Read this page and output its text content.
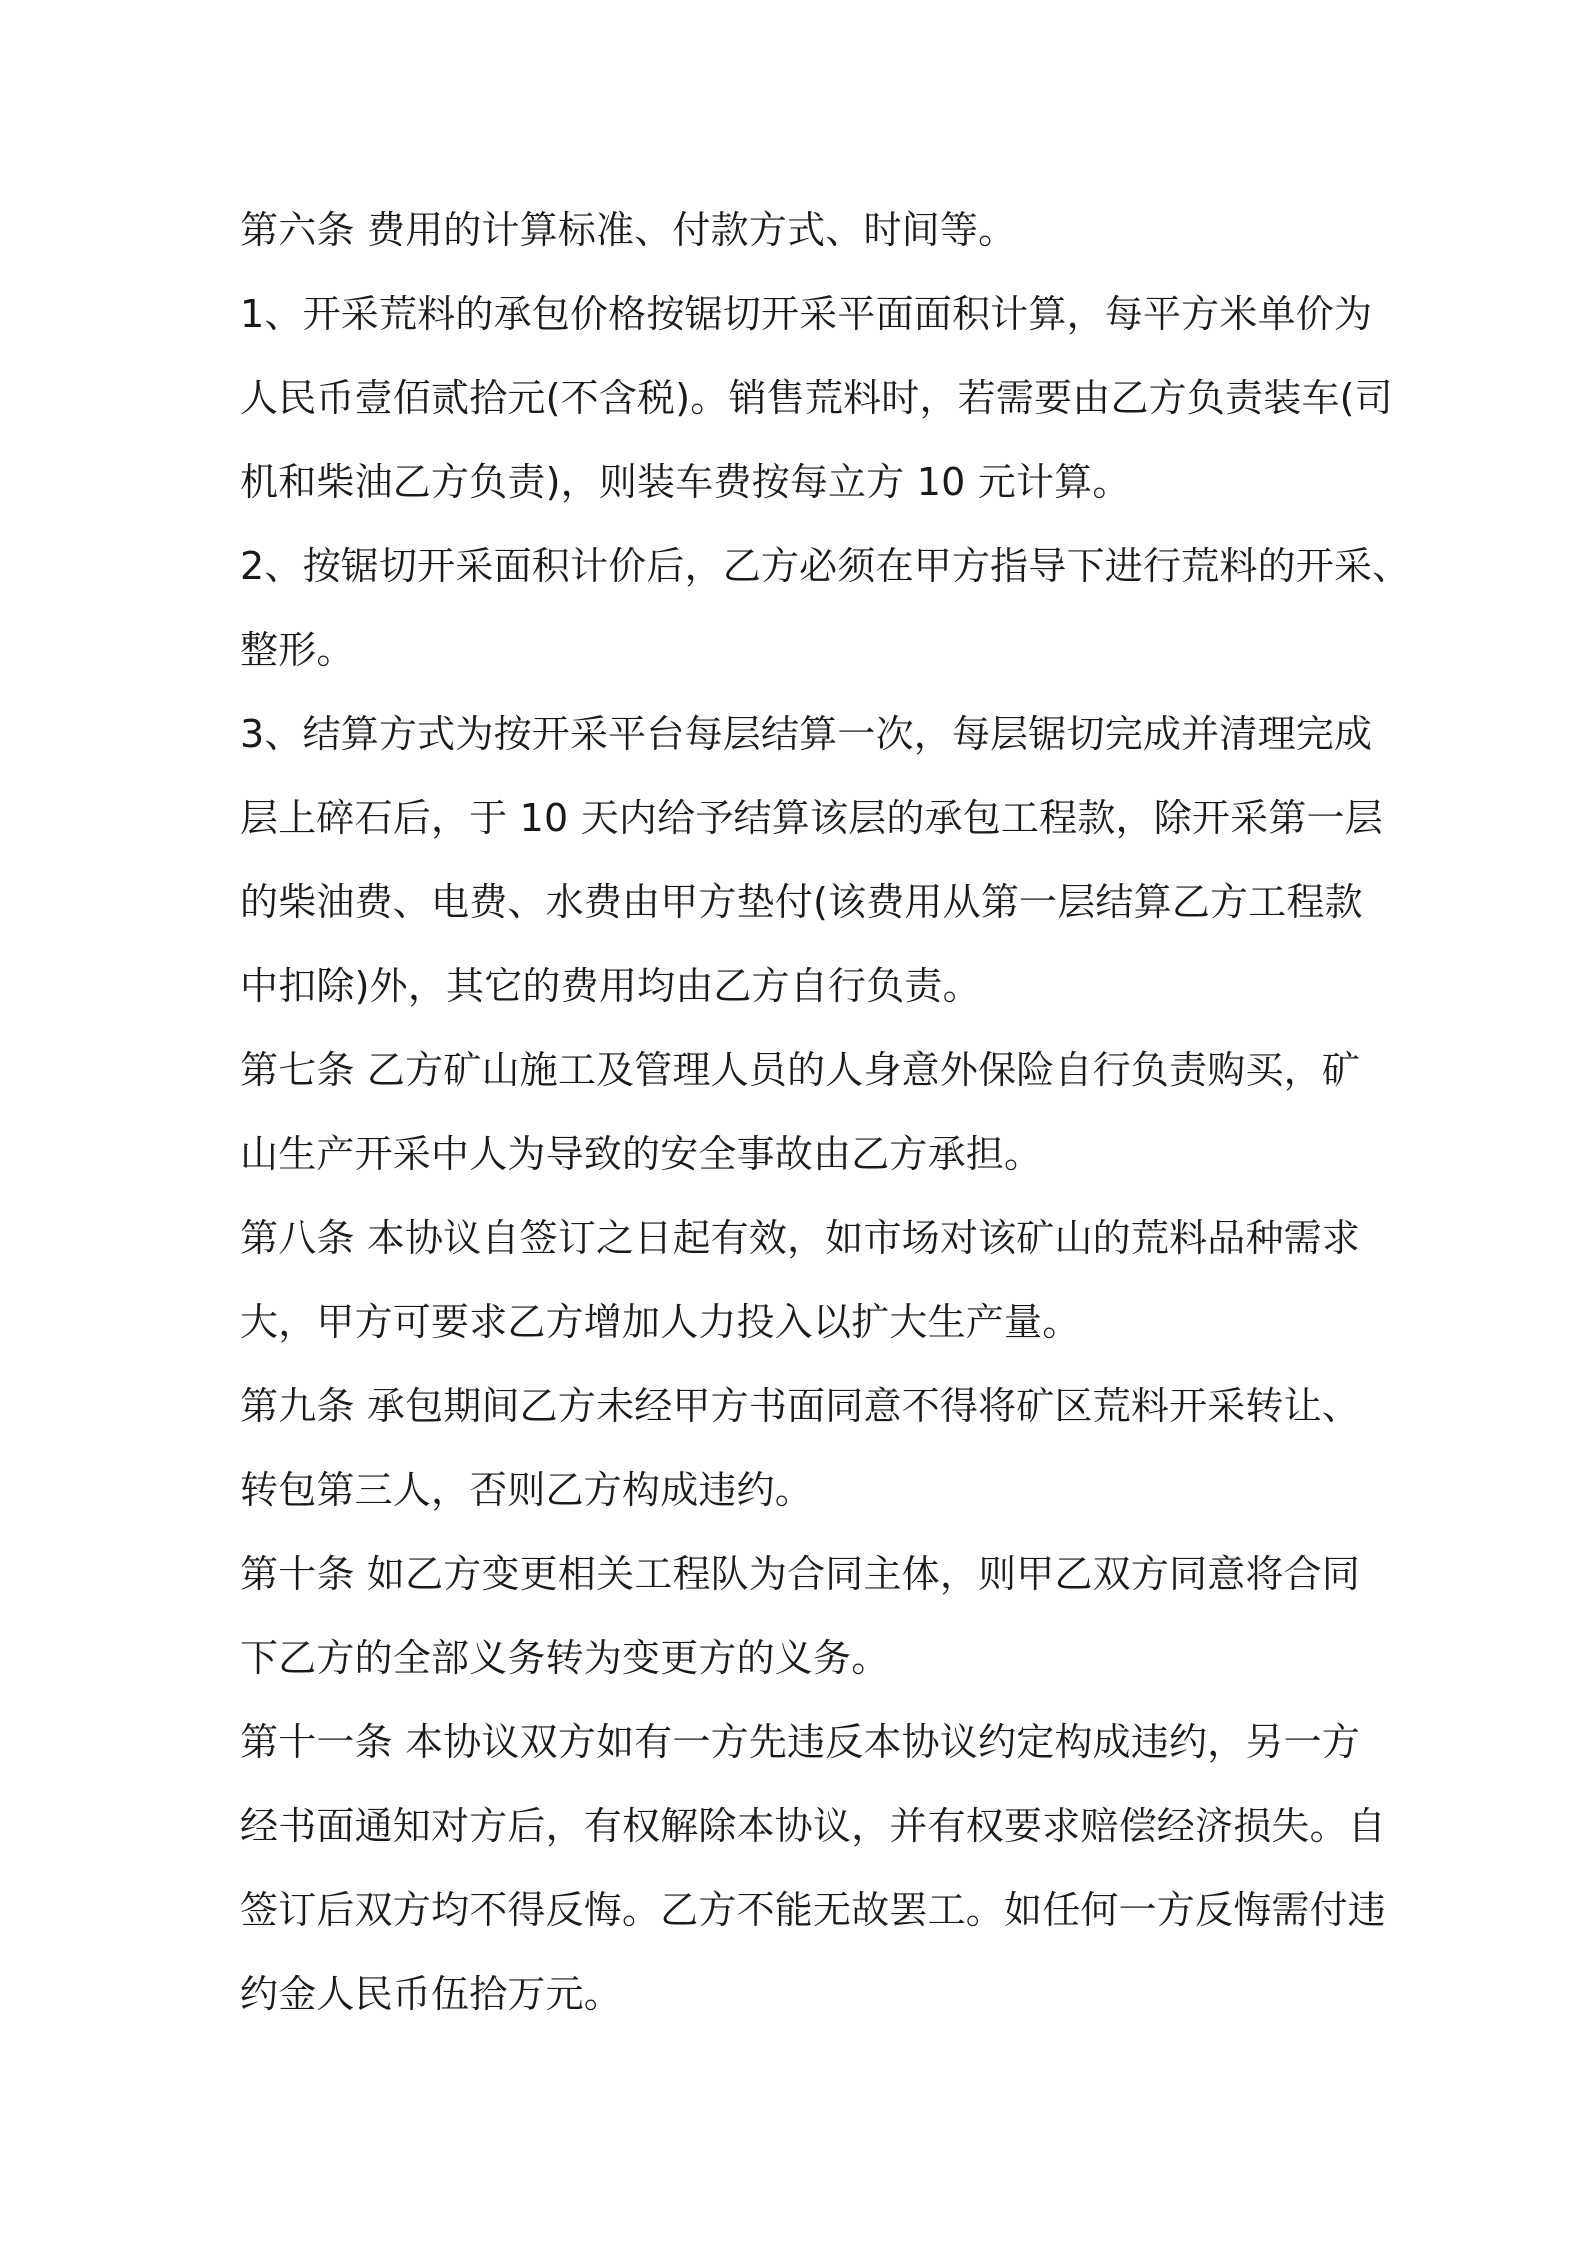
第六条 费用的计算标准、付款方式、时间等。
1、开采荒料的承包价格按锯切开采平面面积计算，每平方米单价为
人民币壹佰贰拾元(不含税)。销售荒料时，若需要由乙方负责装车(司
机和柴油乙方负责)，则装车费按每立方 10 元计算。
2、按锯切开采面积计价后，乙方必须在甲方指导下进行荒料的开采、
整形。
3、结算方式为按开采平台每层结算一次，每层锯切完成并清理完成
层上碎石后，于 10 天内给予结算该层的承包工程款，除开采第一层
的柴油费、电费、水费由甲方垫付(该费用从第一层结算乙方工程款
中扣除)外，其它的费用均由乙方自行负责。
第七条 乙方矿山施工及管理人员的人身意外保险自行负责购买，矿
山生产开采中人为导致的安全事故由乙方承担。
第八条 本协议自签订之日起有效，如市场对该矿山的荒料品种需求
大，甲方可要求乙方增加人力投入以扩大生产量。
第九条 承包期间乙方未经甲方书面同意不得将矿区荒料开采转让、
转包第三人，否则乙方构成违约。
第十条 如乙方变更相关工程队为合同主体，则甲乙双方同意将合同
下乙方的全部义务转为变更方的义务。
第十一条 本协议双方如有一方先违反本协议约定构成违约，另一方
经书面通知对方后，有权解除本协议，并有权要求赔偿经济损失。自
签订后双方均不得反悔。乙方不能无故罢工。如任何一方反悔需付违
约金人民币伍拾万元。
